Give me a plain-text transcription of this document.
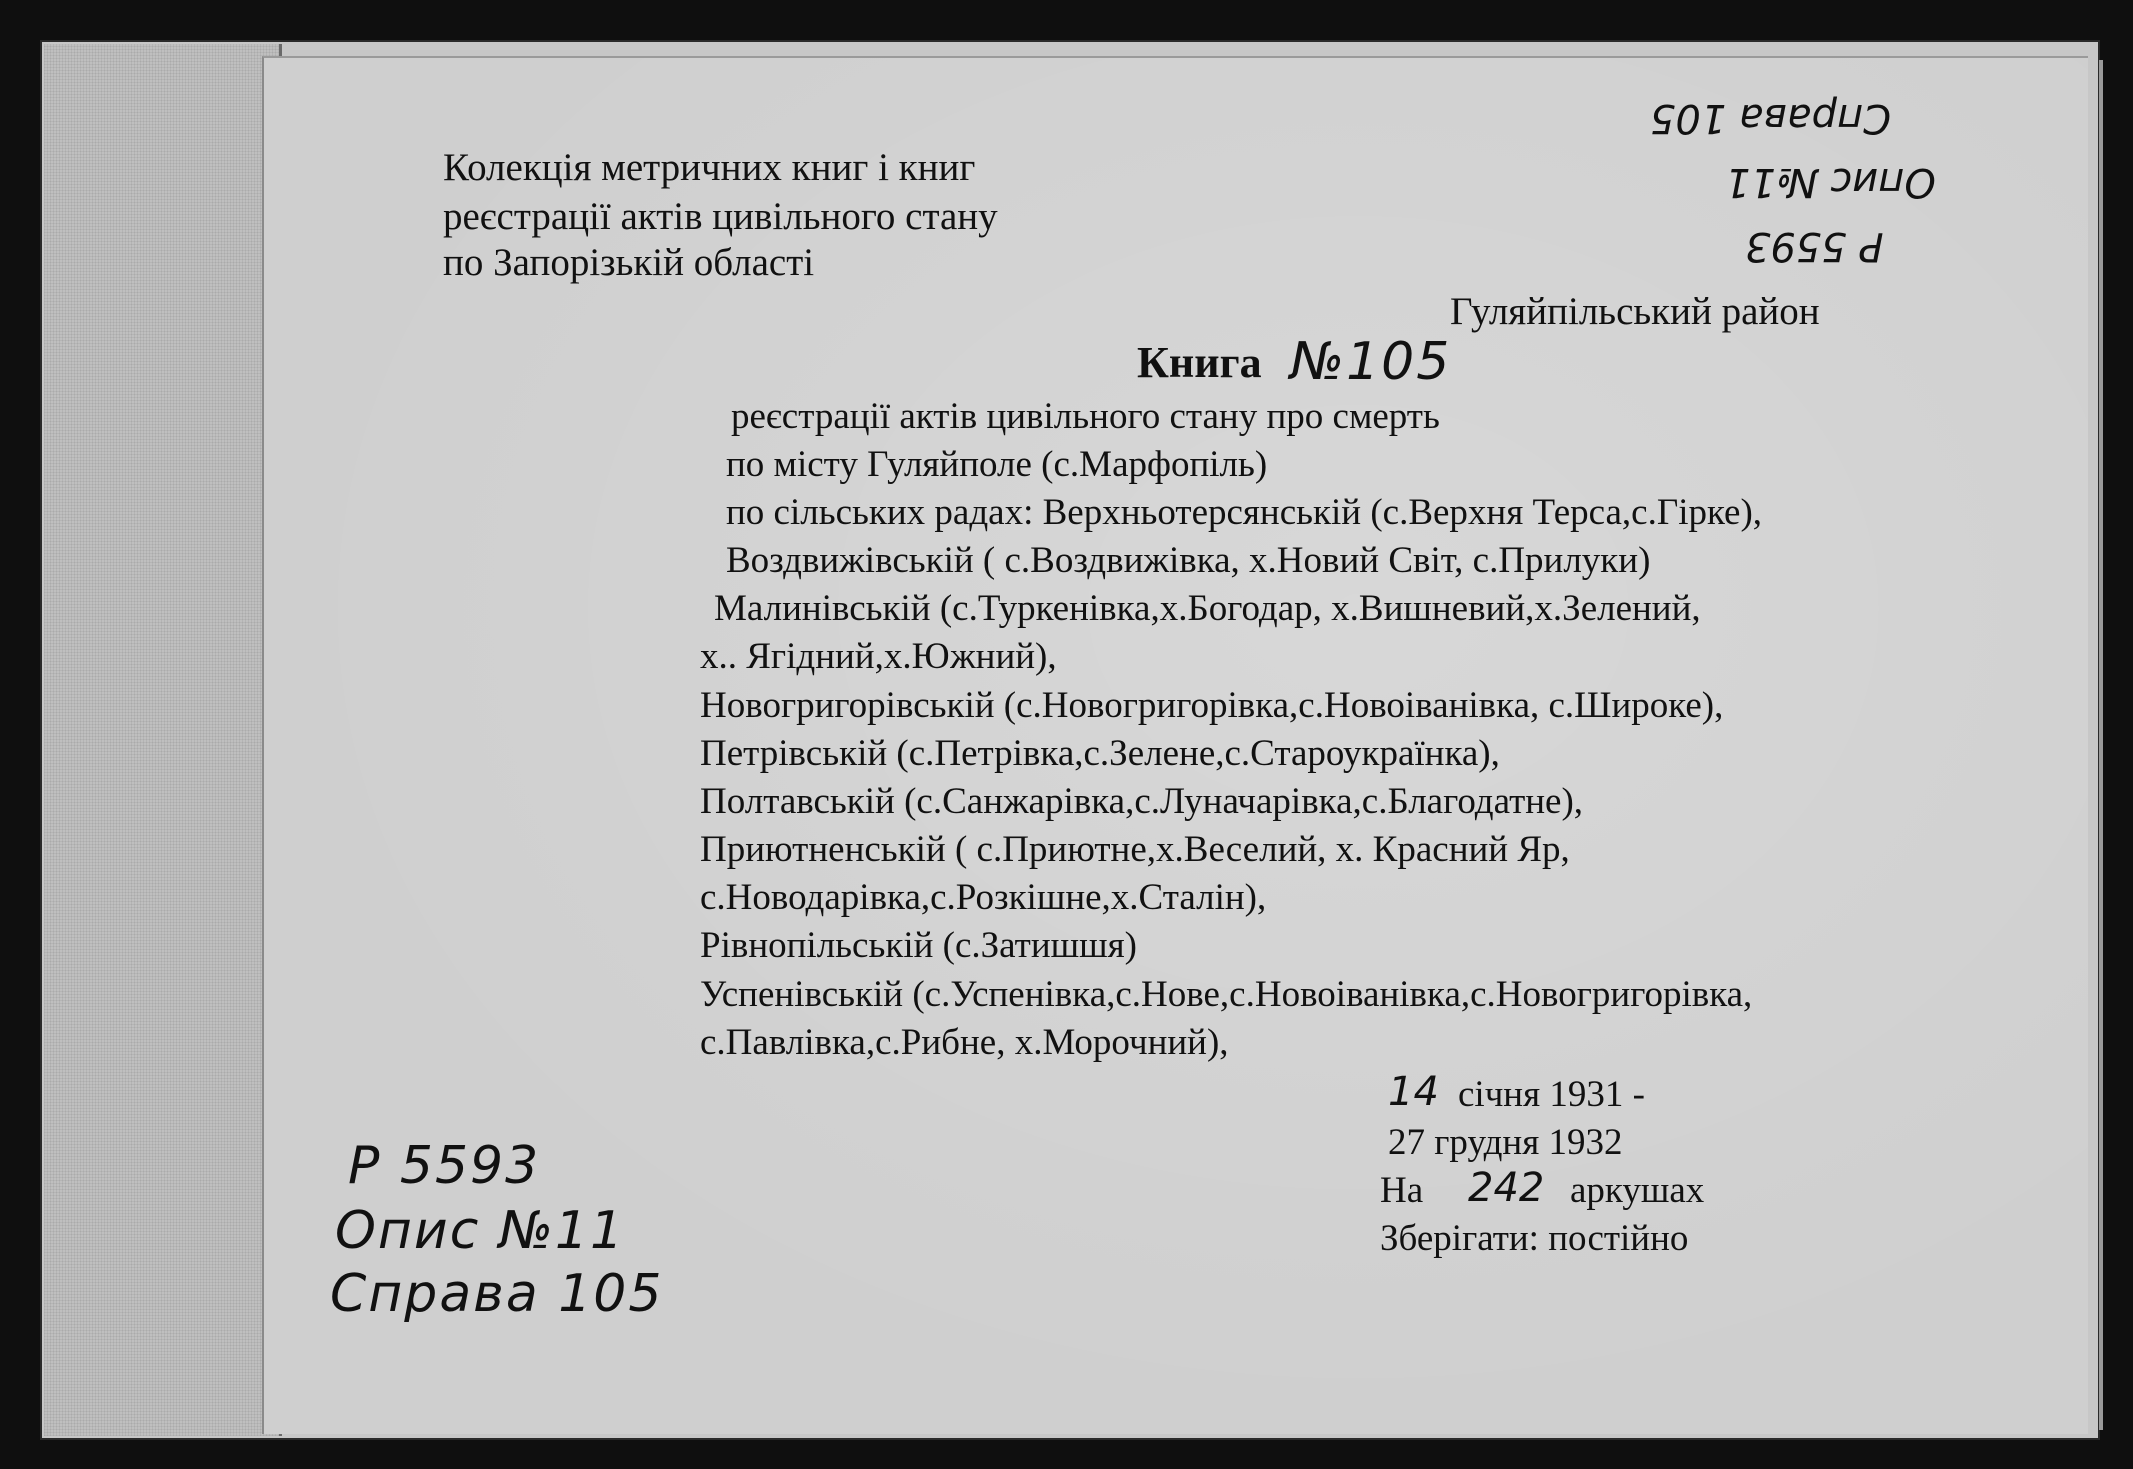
Справа 105
Опис №11
Р 5593

Колекція метричних книг і книг

реєстрації актів цивільного стану

по Запорізькій області

Гуляйпільський район

Книга №105

реєстрації актів цивільного стану про смерть

по місту Гуляйполе (с.Марфопіль)

по сільських радах: Верхньотерсянській (с.Верхня Терса,с.Гірке),

Воздвижівській ( с.Воздвижівка, х.Новий Світ, с.Прилуки)

Малинівській (с.Туркенівка,х.Богодар, х.Вишневий,х.Зелений,

х.. Ягідний,х.Южний),

Новогригорівській (с.Новогригорівка,с.Новоіванівка, с.Широке),

Петрівській (с.Петрівка,с.Зелене,с.Староукраїнка),

Полтавській (с.Санжарівка,с.Луначарівка,с.Благодатне),

Приютненській ( с.Приютне,х.Веселий, х. Красний Яр,

с.Новодарівка,с.Розкішне,х.Сталін),

Рівнопільській (с.Затишшя)

Успенівській (с.Успенівка,с.Нове,с.Новоіванівка,с.Новогригорівка,

с.Павлівка,с.Рибне, х.Морочний),

14 січня 1931 -

27 грудня 1932

На 242 аркушах

Зберігати: постійно

Р 5593

Опис №11

Справа 105
